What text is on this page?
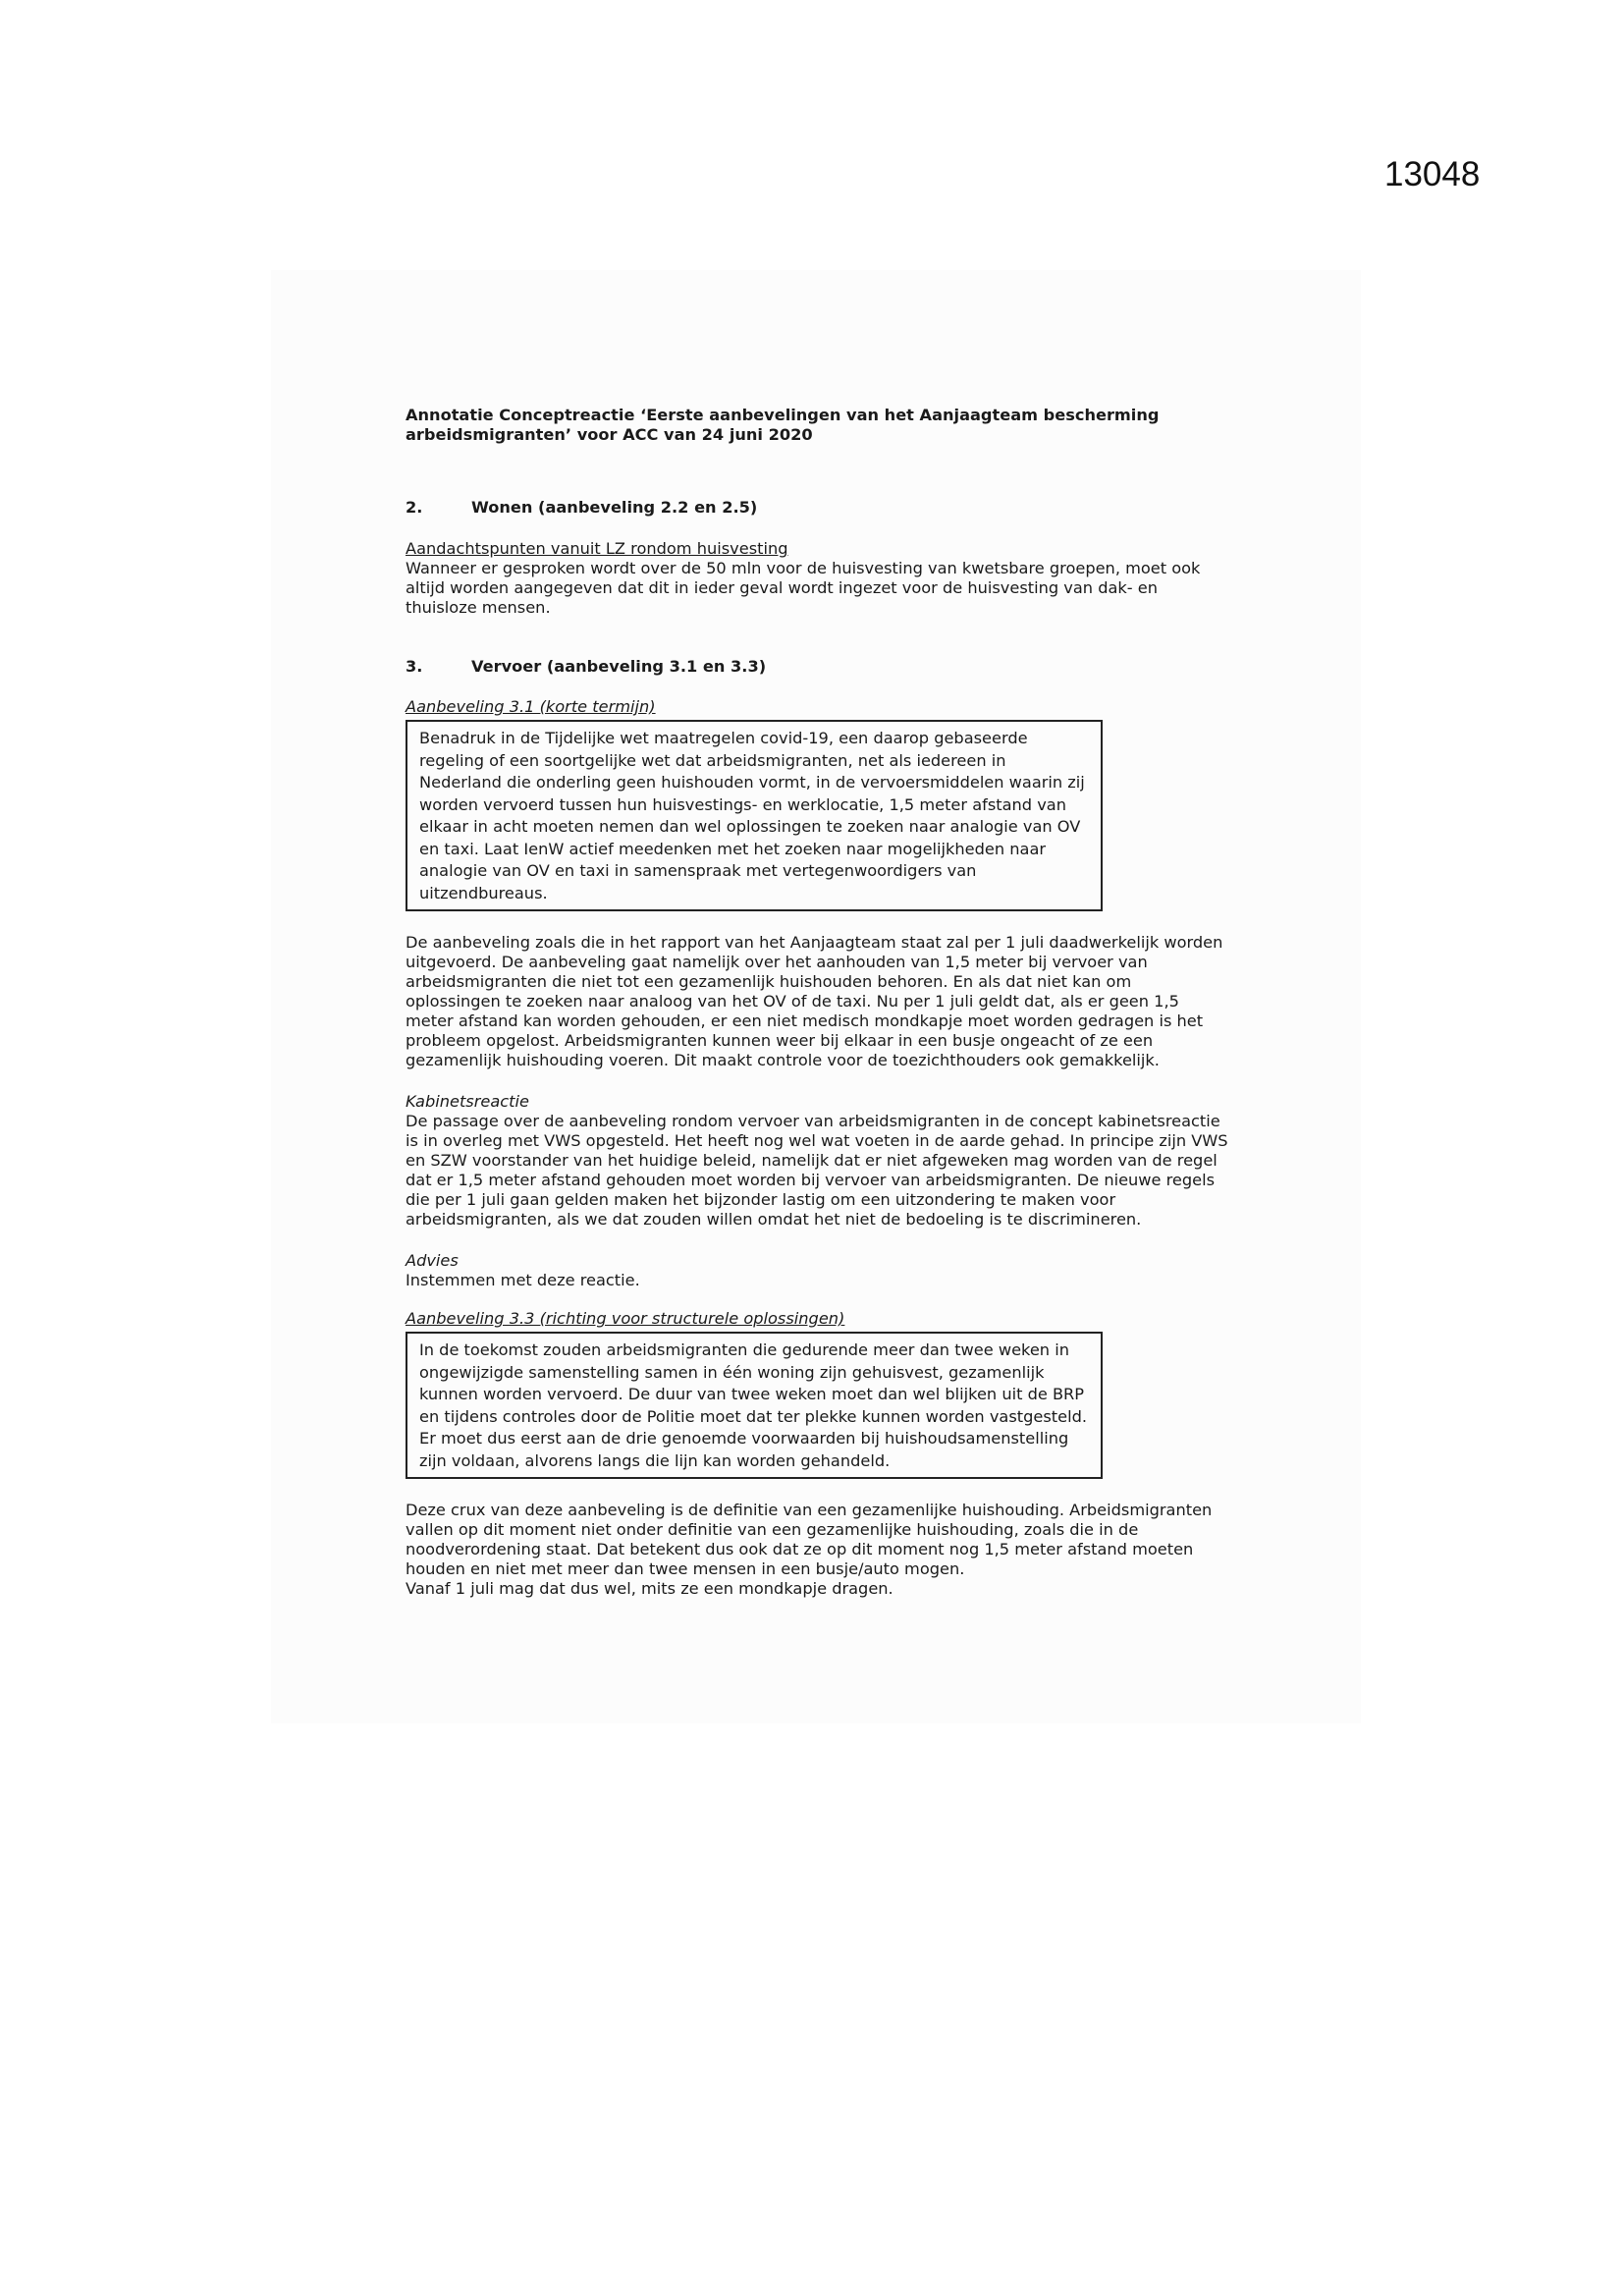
13048

Annotatie Conceptreactie ‘Eerste aanbevelingen van het Aanjaagteam bescherming arbeidsmigranten’ voor ACC van 24 juni 2020

2.	Wonen (aanbeveling 2.2 en 2.5)

Aandachtspunten vanuit LZ rondom huisvesting

Wanneer er gesproken wordt over de 50 mln voor de huisvesting van kwetsbare groepen, moet ook altijd worden aangegeven dat dit in ieder geval wordt ingezet voor de huisvesting van dak- en thuisloze mensen.

3.	Vervoer (aanbeveling 3.1 en 3.3)

Aanbeveling 3.1 (korte termijn)

Benadruk in de Tijdelijke wet maatregelen covid-19, een daarop gebaseerde regeling of een soortgelijke wet dat arbeidsmigranten, net als iedereen in Nederland die onderling geen huishouden vormt, in de vervoersmiddelen waarin zij worden vervoerd tussen hun huisvestings- en werklocatie, 1,5 meter afstand van elkaar in acht moeten nemen dan wel oplossingen te zoeken naar analogie van OV en taxi. Laat IenW actief meedenken met het zoeken naar mogelijkheden naar analogie van OV en taxi in samenspraak met vertegenwoordigers van uitzendbureaus.

De aanbeveling zoals die in het rapport van het Aanjaagteam staat zal per 1 juli daadwerkelijk worden uitgevoerd. De aanbeveling gaat namelijk over het aanhouden van 1,5 meter bij vervoer van arbeidsmigranten die niet tot een gezamenlijk huishouden behoren. En als dat niet kan om oplossingen te zoeken naar analoog van het OV of de taxi. Nu per 1 juli geldt dat, als er geen 1,5 meter afstand kan worden gehouden, er een niet medisch mondkapje moet worden gedragen is het probleem opgelost. Arbeidsmigranten kunnen weer bij elkaar in een busje ongeacht of ze een gezamenlijk huishouding voeren. Dit maakt controle voor de toezichthouders ook gemakkelijk.

Kabinetsreactie

De passage over de aanbeveling rondom vervoer van arbeidsmigranten in de concept kabinetsreactie is in overleg met VWS opgesteld. Het heeft nog wel wat voeten in de aarde gehad. In principe zijn VWS en SZW voorstander van het huidige beleid, namelijk dat er niet afgeweken mag worden van de regel dat er 1,5 meter afstand gehouden moet worden bij vervoer van arbeidsmigranten. De nieuwe regels die per 1 juli gaan gelden maken het bijzonder lastig om een uitzondering te maken voor arbeidsmigranten, als we dat zouden willen omdat het niet de bedoeling is te discrimineren.

Advies

Instemmen met deze reactie.

Aanbeveling 3.3 (richting voor structurele oplossingen)

In de toekomst zouden arbeidsmigranten die gedurende meer dan twee weken in ongewijzigde samenstelling samen in één woning zijn gehuisvest, gezamenlijk kunnen worden vervoerd. De duur van twee weken moet dan wel blijken uit de BRP en tijdens controles door de Politie moet dat ter plekke kunnen worden vastgesteld. Er moet dus eerst aan de drie genoemde voorwaarden bij huishoudsamenstelling zijn voldaan, alvorens langs die lijn kan worden gehandeld.

Deze crux van deze aanbeveling is de definitie van een gezamenlijke huishouding. Arbeidsmigranten vallen op dit moment niet onder definitie van een gezamenlijke huishouding, zoals die in de noodverordening staat. Dat betekent dus ook dat ze op dit moment nog 1,5 meter afstand moeten houden en niet met meer dan twee mensen in een busje/auto mogen.

Vanaf 1 juli mag dat dus wel, mits ze een mondkapje dragen.
